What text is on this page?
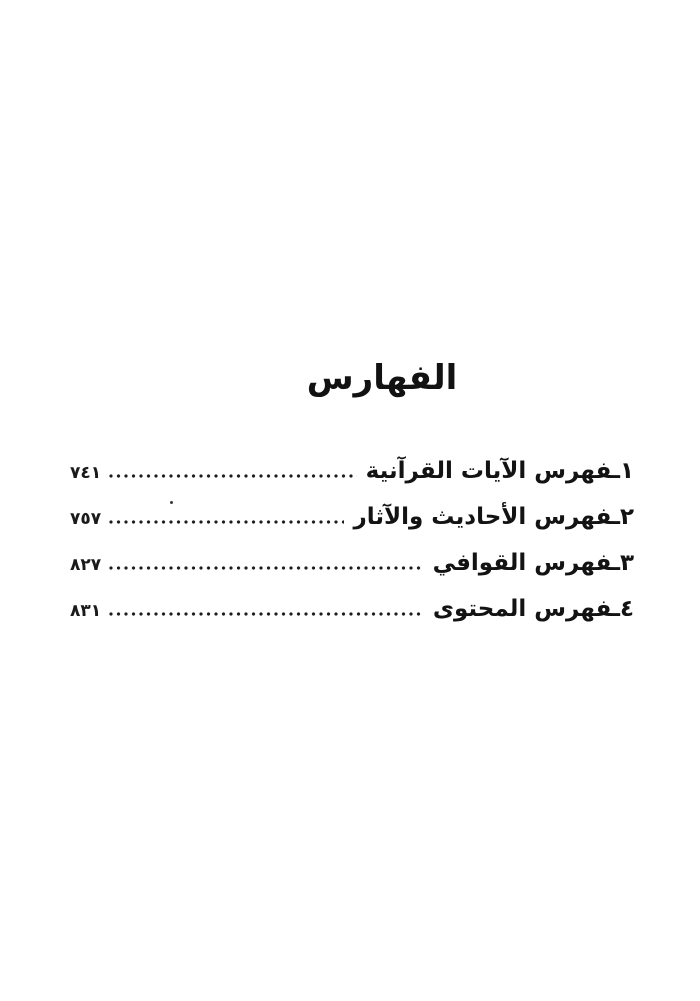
الفهارس
١ـفهرس الآيات القرآنية
٧٤١
٢ـفهرس الأحاديث والآثار
٧٥٧
٣ـفهرس القوافي
٨٢٧
٤ـفهرس المحتوى
٨٣١
